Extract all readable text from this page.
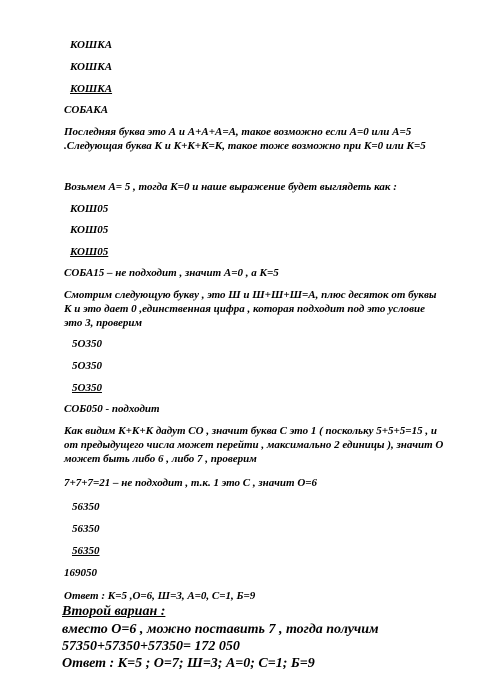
КОШКА
КОШКА
КОШКА
СОБАКА
Последняя буква это А и А+А+А=А, такое возможно если А=0 или А=5 .Следующая буква К и К+К+К=К, такое тоже возможно при К=0 или К=5
Возьмем А= 5 , тогда К=0 и наше выражение будет выглядеть как :
КОШ05
КОШ05
КОШ05
СОБА15 – не подходит , значит А=0 , а К=5
Смотрим следующую букву , это Ш и Ш+Ш+Ш=А, плюс десяток от буквы К и это дает 0 ,единственная цифра , которая подходит под это условие это 3, проверим
5О350
5О350
5О350
СОБ050 - подходит
Как видим К+К+К дадут СО , значит буква С это 1 ( поскольку 5+5+5=15 , и от предыдущего числа может перейти , максимально 2 единицы ), значит О может быть либо 6 , либо 7 , проверим
7+7+7=21 – не подходит , т.к. 1 это С , значит О=6
56350
56350
56350
169050
Ответ : К=5 ,О=6, Ш=3, А=0, С=1, Б=9
Второй вариан :
вместо О=6 , можно поставить 7 , тогда получим
57350+57350+57350= 172 050
Ответ : К=5 ; О=7; Ш=3; А=0; С=1; Б=9
